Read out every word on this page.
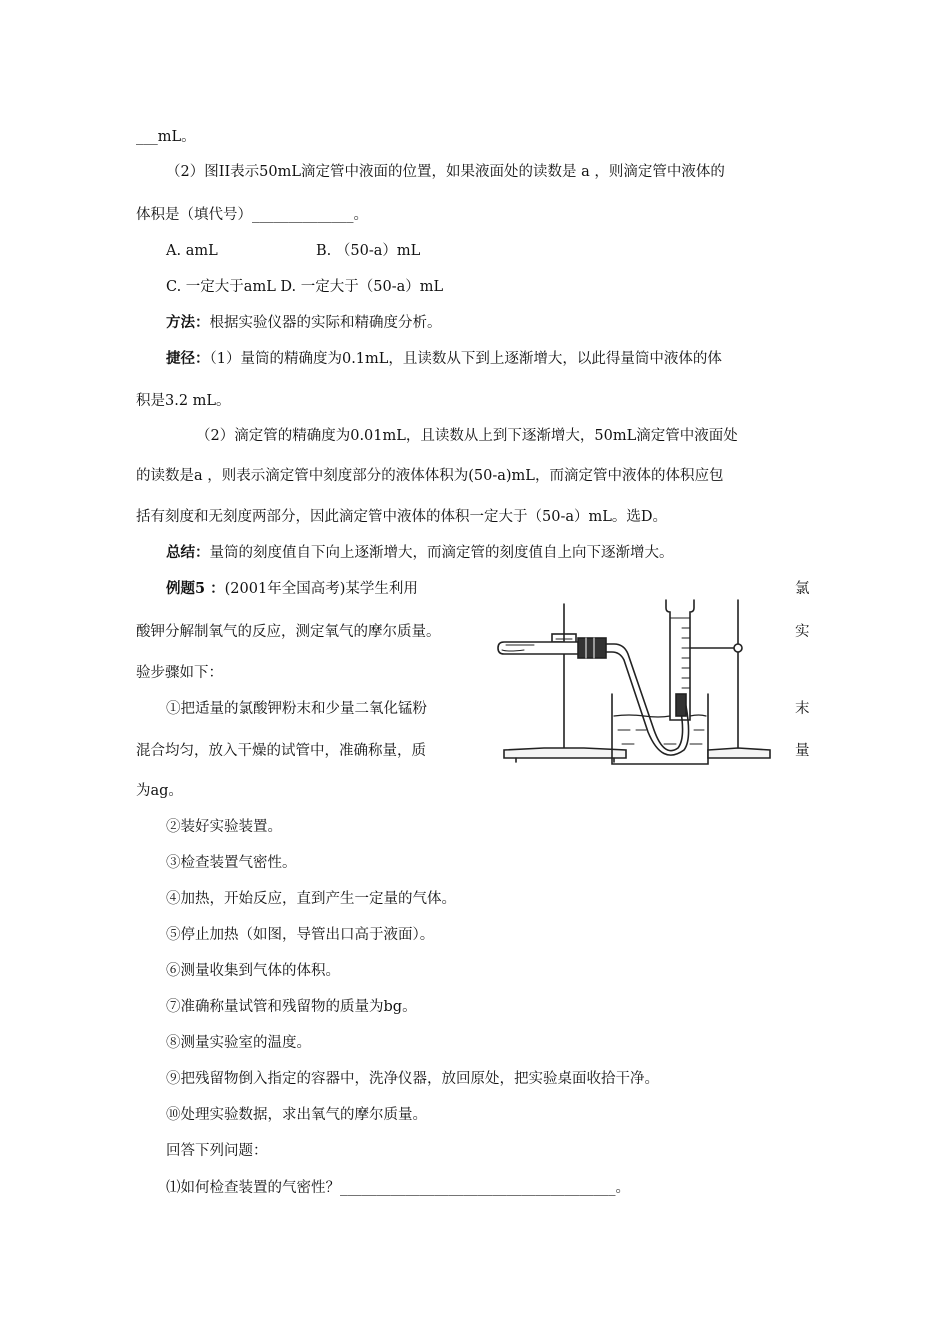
___mL。
（2）图II表示50mL滴定管中液面的位置，如果液面处的读数是 a ，则滴定管中液体的
体积是（填代号）______________。
A. amL	B. （50-a）mL
C. 一定大于amL D. 一定大于（50-a）mL
方法：根据实验仪器的实际和精确度分析。
捷径：（1）量筒的精确度为0.1mL，且读数从下到上逐渐增大，以此得量筒中液体的体
积是3.2 mL。
（2）滴定管的精确度为0.01mL，且读数从上到下逐渐增大，50mL滴定管中液面处
的读数是a ，则表示滴定管中刻度部分的液体体积为(50-a)mL，而滴定管中液体的体积应包
括有刻度和无刻度两部分，因此滴定管中液体的体积一定大于（50-a）mL。选D。
总结：量筒的刻度值自下向上逐渐增大，而滴定管的刻度值自上向下逐渐增大。
例题5 ：(2001年全国高考)某学生利用	氯
酸钾分解制氧气的反应，测定氧气的摩尔质量。	实
验步骤如下：
①把适量的氯酸钾粉末和少量二氧化锰粉	末
混合均匀，放入干燥的试管中，准确称量，质	量
为ag。
②装好实验装置。
③检查装置气密性。
④加热，开始反应，直到产生一定量的气体。
⑤停止加热（如图，导管出口高于液面）。
⑥测量收集到气体的体积。
⑦准确称量试管和残留物的质量为bg。
⑧测量实验室的温度。
⑨把残留物倒入指定的容器中，洗净仪器，放回原处，把实验桌面收拾干净。
⑩处理实验数据，求出氧气的摩尔质量。
回答下列问题：
⑴如何检查装置的气密性？______________________________________。
